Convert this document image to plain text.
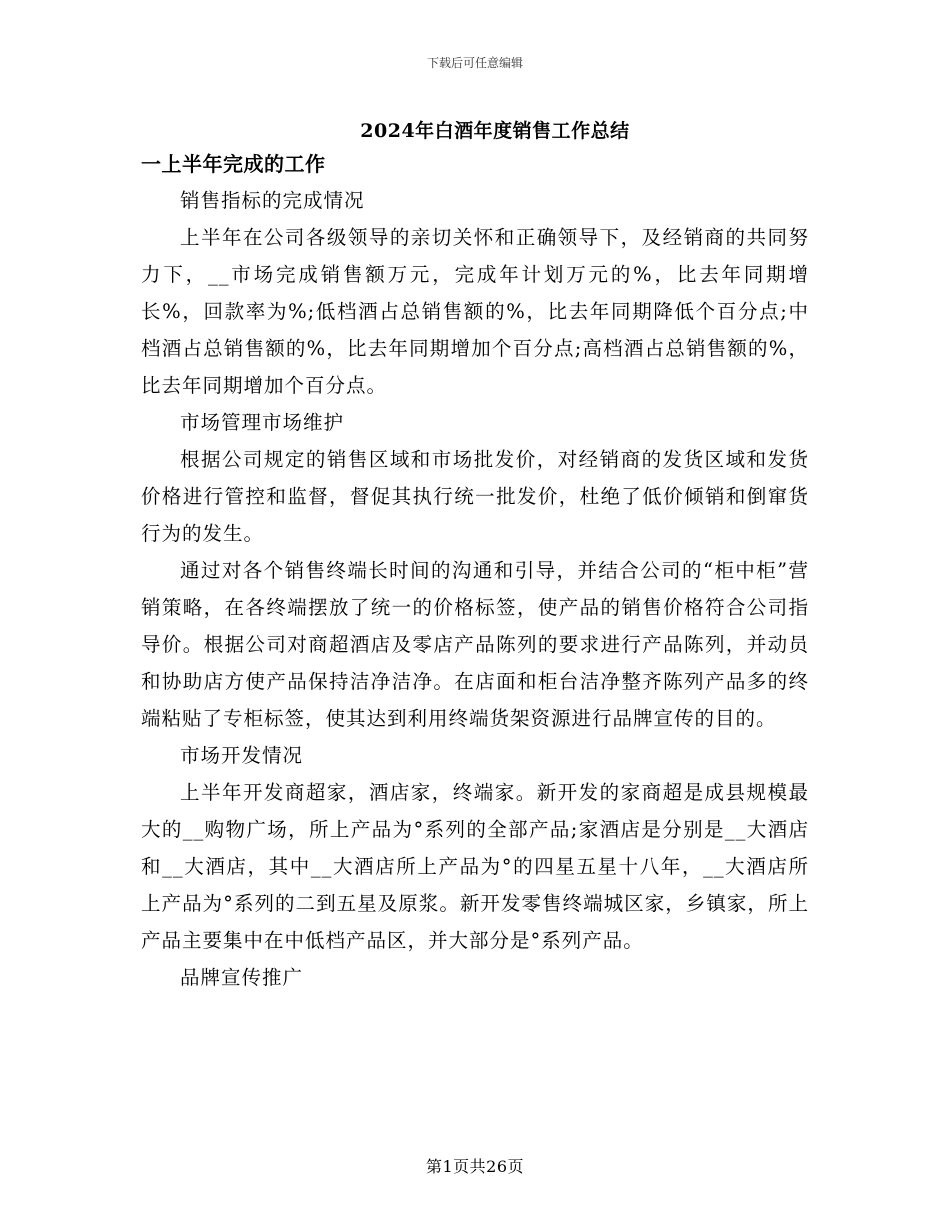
下载后可任意编辑
2024年白酒年度销售工作总结
一上半年完成的工作

销售指标的完成情况

上半年在公司各级领导的亲切关怀和正确领导下，及经销商的共同努力下，__市场完成销售额万元，完成年计划万元的%，比去年同期增长%，回款率为%;低档酒占总销售额的%，比去年同期降低个百分点;中档酒占总销售额的%，比去年同期增加个百分点;高档酒占总销售额的%，比去年同期增加个百分点。

市场管理市场维护

根据公司规定的销售区域和市场批发价，对经销商的发货区域和发货价格进行管控和监督，督促其执行统一批发价，杜绝了低价倾销和倒窜货行为的发生。

通过对各个销售终端长时间的沟通和引导，并结合公司的“柜中柜”营销策略，在各终端摆放了统一的价格标签，使产品的销售价格符合公司指导价。根据公司对商超酒店及零店产品陈列的要求进行产品陈列，并动员和协助店方使产品保持洁净洁净。在店面和柜台洁净整齐陈列产品多的终端粘贴了专柜标签，使其达到利用终端货架资源进行品牌宣传的目的。

市场开发情况

上半年开发商超家，酒店家，终端家。新开发的家商超是成县规模最大的__购物广场，所上产品为°系列的全部产品;家酒店是分别是__大酒店和__大酒店，其中__大酒店所上产品为°的四星五星十八年，__大酒店所上产品为°系列的二到五星及原浆。新开发零售终端城区家，乡镇家，所上产品主要集中在中低档产品区，并大部分是°系列产品。

品牌宣传推广

第1页共26页
